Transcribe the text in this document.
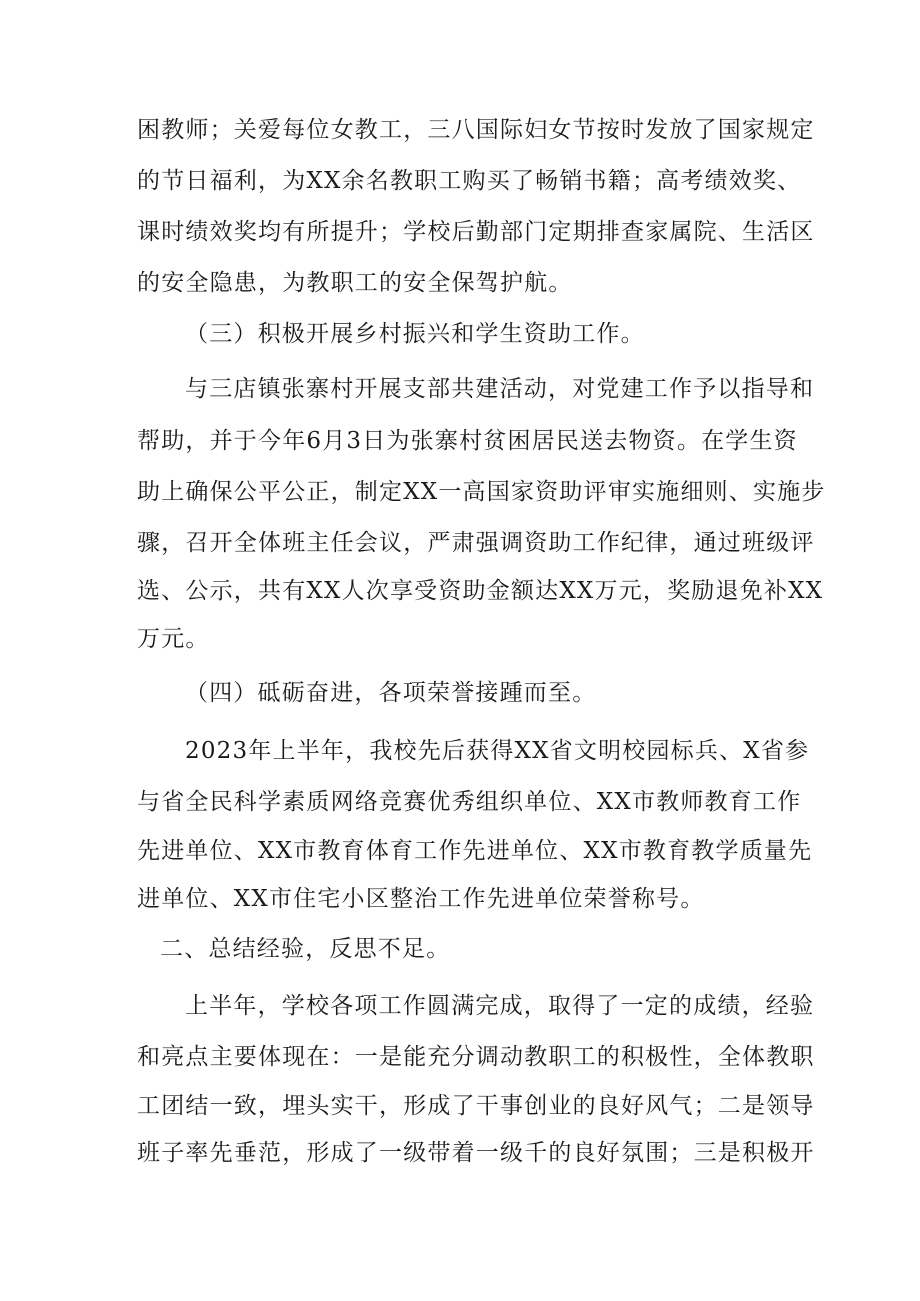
困教师；关爱每位女教工，三八国际妇女节按时发放了国家规定
的节日福利，为XX余名教职工购买了畅销书籍；高考绩效奖、
课时绩效奖均有所提升；学校后勤部门定期排查家属院、生活区
的安全隐患，为教职工的安全保驾护航。
（三）积极开展乡村振兴和学生资助工作。
与三店镇张寨村开展支部共建活动，对党建工作予以指导和
帮助，并于今年6月3日为张寨村贫困居民送去物资。在学生资
助上确保公平公正，制定XX一高国家资助评审实施细则、实施步
骤，召开全体班主任会议，严肃强调资助工作纪律，通过班级评
选、公示，共有XX人次享受资助金额达XX万元，奖励退免补XX
万元。
（四）砥砺奋进，各项荣誉接踵而至。
2023年上半年，我校先后获得XX省文明校园标兵、X省参
与省全民科学素质网络竞赛优秀组织单位、XX市教师教育工作
先进单位、XX市教育体育工作先进单位、XX市教育教学质量先
进单位、XX市住宅小区整治工作先进单位荣誉称号。
二、总结经验，反思不足。
上半年，学校各项工作圆满完成，取得了一定的成绩，经验
和亮点主要体现在：一是能充分调动教职工的积极性，全体教职
工团结一致，埋头实干，形成了干事创业的良好风气；二是领导
班子率先垂范，形成了一级带着一级千的良好氛围；三是积极开
